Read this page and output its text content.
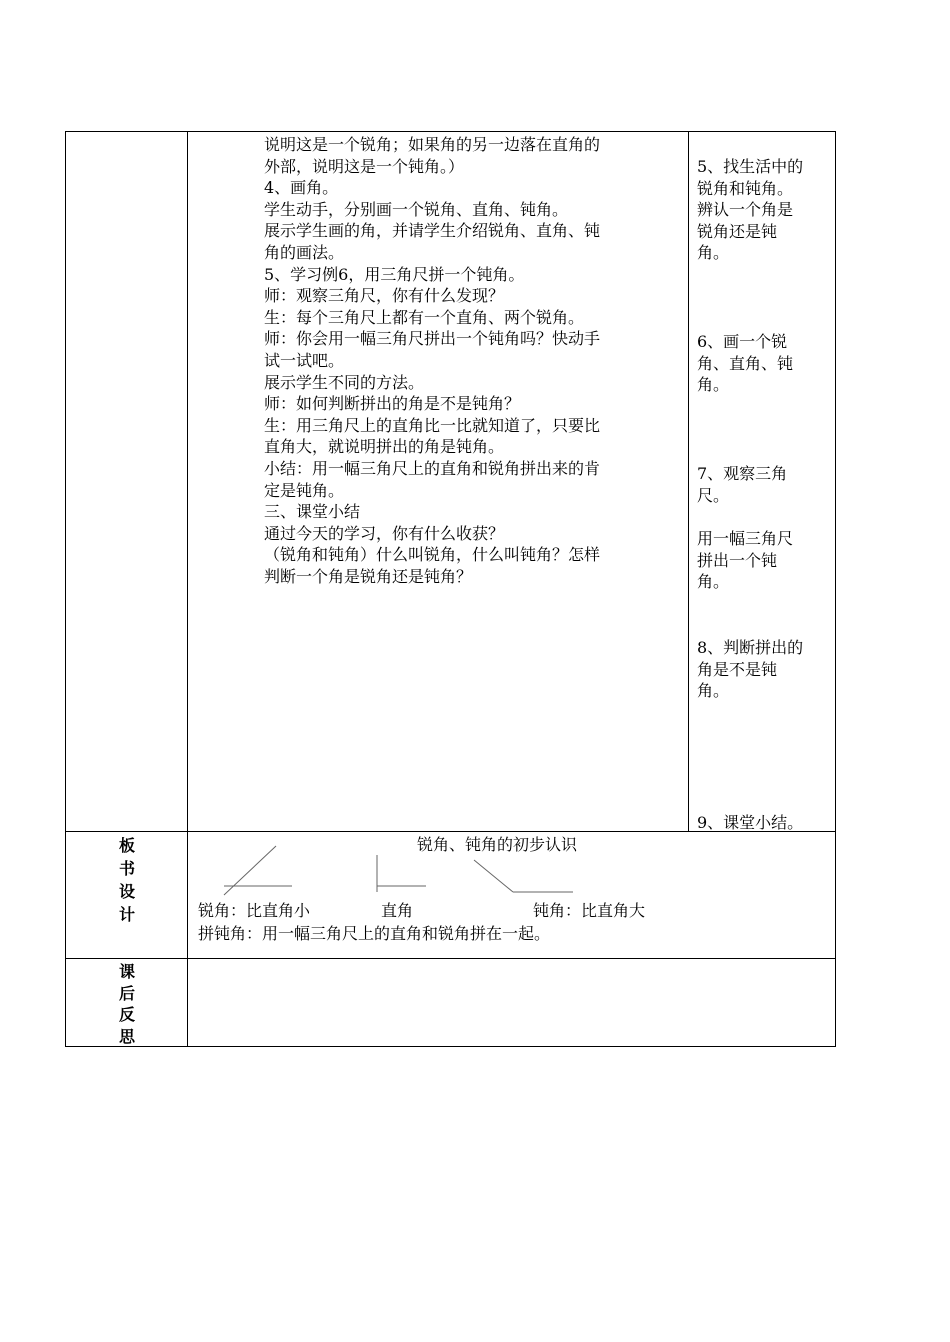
说明这是一个锐角；如果角的另一边落在直角的
外部，说明这是一个钝角。）
4、画角。
学生动手，分别画一个锐角、直角、钝角。
展示学生画的角，并请学生介绍锐角、直角、钝
角的画法。
5、学习例6，用三角尺拼一个钝角。
师：观察三角尺，你有什么发现？
生：每个三角尺上都有一个直角、两个锐角。
师：你会用一幅三角尺拼出一个钝角吗？快动手
试一试吧。
展示学生不同的方法。
师：如何判断拼出的角是不是钝角？
生：用三角尺上的直角比一比就知道了，只要比
直角大，就说明拼出的角是钝角。
小结：用一幅三角尺上的直角和锐角拼出来的肯
定是钝角。
三、课堂小结
通过今天的学习，你有什么收获？
（锐角和钝角）什么叫锐角，什么叫钝角？怎样
判断一个角是锐角还是钝角？
5、找生活中的
锐角和钝角。
辨认一个角是
锐角还是钝
角。
6、画一个锐
角、直角、钝
角。
7、观察三角
尺。
用一幅三角尺
拼出一个钝
角。
8、判断拼出的
角是不是钝
角。
9、课堂小结。
板
书
设
计
锐角、钝角的初步认识
锐角：比直角小	直角	钝角：比直角大
拼钝角：用一幅三角尺上的直角和锐角拼在一起。
课
后
反
思
